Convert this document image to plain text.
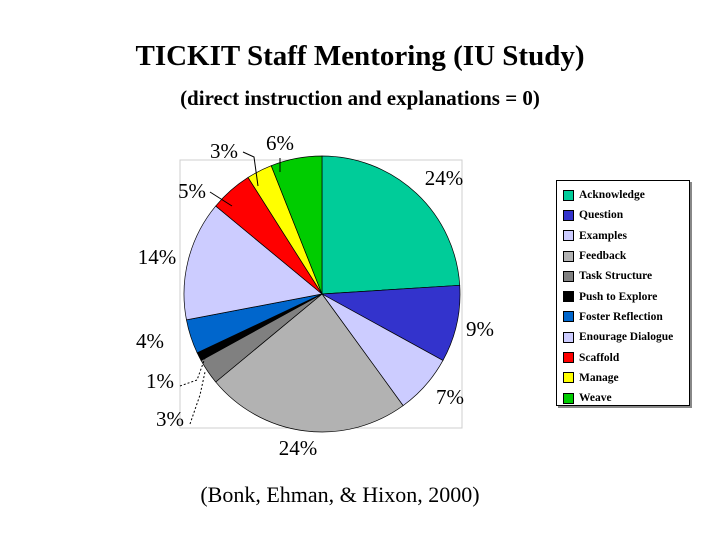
TICKIT Staff Mentoring (IU Study)
(direct instruction and explanations = 0)
24%
9%
7%
24%
3%
1%
4%
14%
5%
3% 6%
Acknowledge
Question
Examples
Feedback
Task Structure
Push to Explore
Foster Reflection
Enourage Dialogue
Scaffold
Manage
Weave
(Bonk, Ehman, & Hixon, 2000)
